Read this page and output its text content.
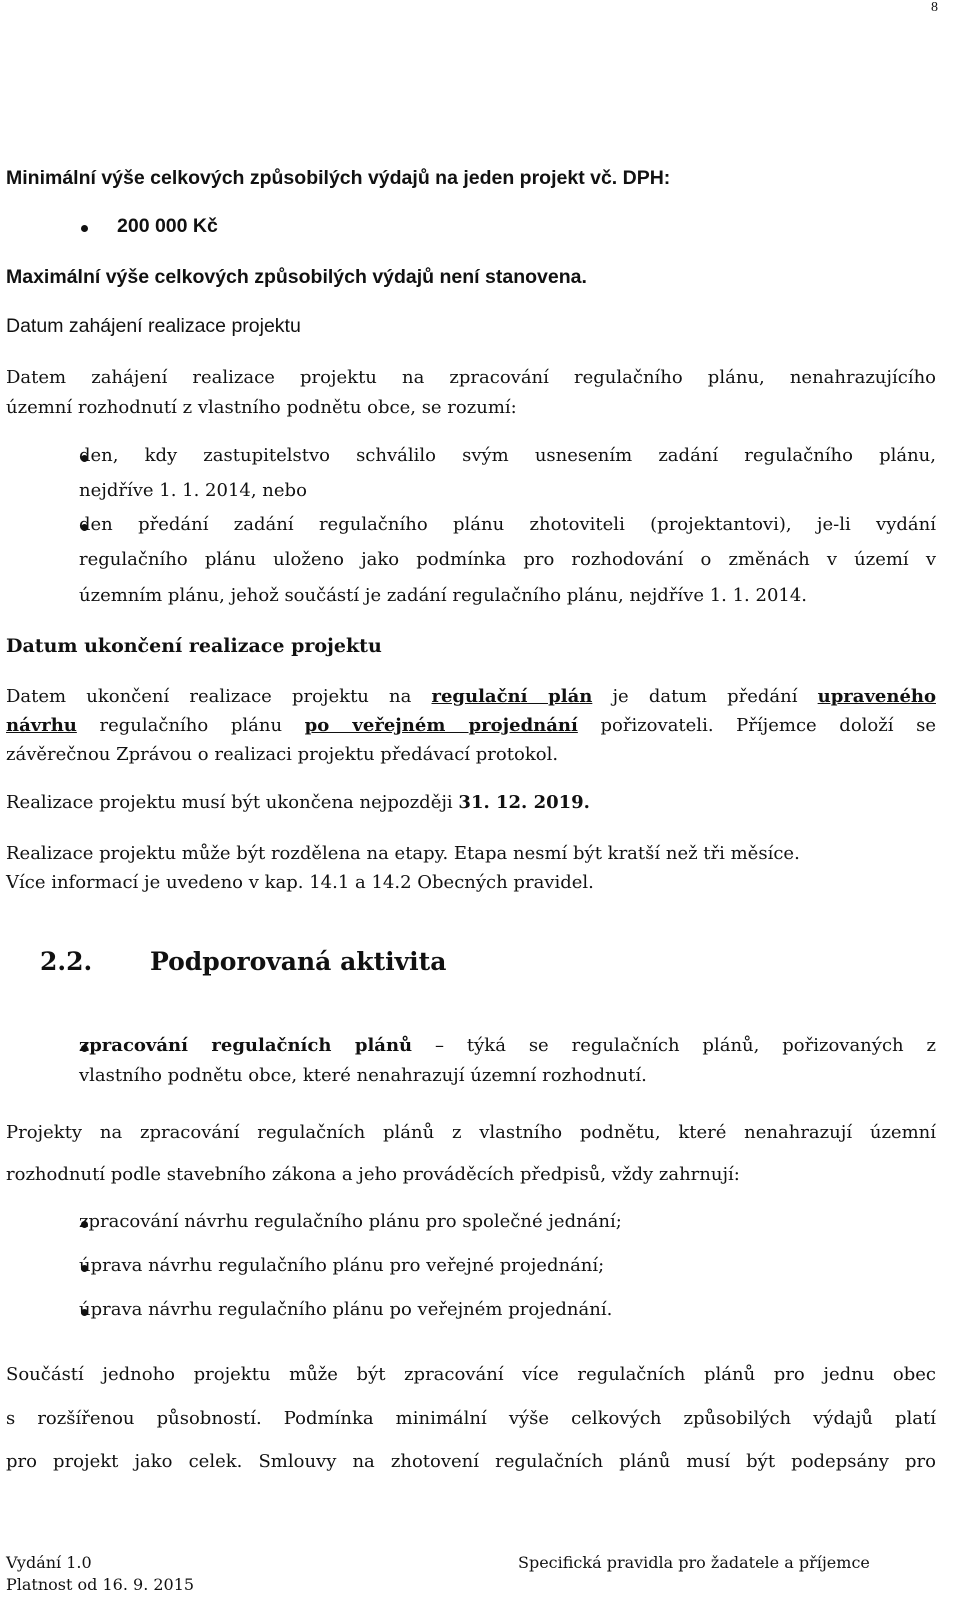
8
Minimální výše celkových způsobilých výdajů na jeden projekt vč. DPH:
200 000 Kč
Maximální výše celkových způsobilých výdajů není stanovena.
Datum zahájení realizace projektu
Datem zahájení realizace projektu na zpracování regulačního plánu, nenahrazujícího
územní rozhodnutí z vlastního podnětu obce, se rozumí:
den, kdy zastupitelstvo schválilo svým usnesením zadání regulačního plánu,
nejdříve 1. 1. 2014, nebo
den předání zadání regulačního plánu zhotoviteli (projektantovi), je-li vydání
regulačního plánu uloženo jako podmínka pro rozhodování o změnách v území v
územním plánu, jehož součástí je zadání regulačního plánu, nejdříve 1. 1. 2014.
Datum ukončení realizace projektu
Datem ukončení realizace projektu na regulační plán je datum předání upraveného
návrhu regulačního plánu po veřejném projednání pořizovateli. Příjemce doloží se
závěrečnou Zprávou o realizaci projektu předávací protokol.
Realizace projektu musí být ukončena nejpozději 31. 12. 2019.
Realizace projektu může být rozdělena na etapy. Etapa nesmí být kratší než tři měsíce.
Více informací je uvedeno v kap. 14.1 a 14.2 Obecných pravidel.
2.2. Podporovaná aktivita
zpracování regulačních plánů – týká se regulačních plánů, pořizovaných z
vlastního podnětu obce, které nenahrazují územní rozhodnutí.
Projekty na zpracování regulačních plánů z vlastního podnětu, které nenahrazují územní
rozhodnutí podle stavebního zákona a jeho prováděcích předpisů, vždy zahrnují:
zpracování návrhu regulačního plánu pro společné jednání;
úprava návrhu regulačního plánu pro veřejné projednání;
úprava návrhu regulačního plánu po veřejném projednání.
Součástí jednoho projektu může být zpracování více regulačních plánů pro jednu obec
s rozšířenou působností. Podmínka minimální výše celkových způsobilých výdajů platí
pro projekt jako celek. Smlouvy na zhotovení regulačních plánů musí být podepsány pro
Vydání 1.0
Platnost od 16. 9. 2015
Specifická pravidla pro žadatele a příjemce
